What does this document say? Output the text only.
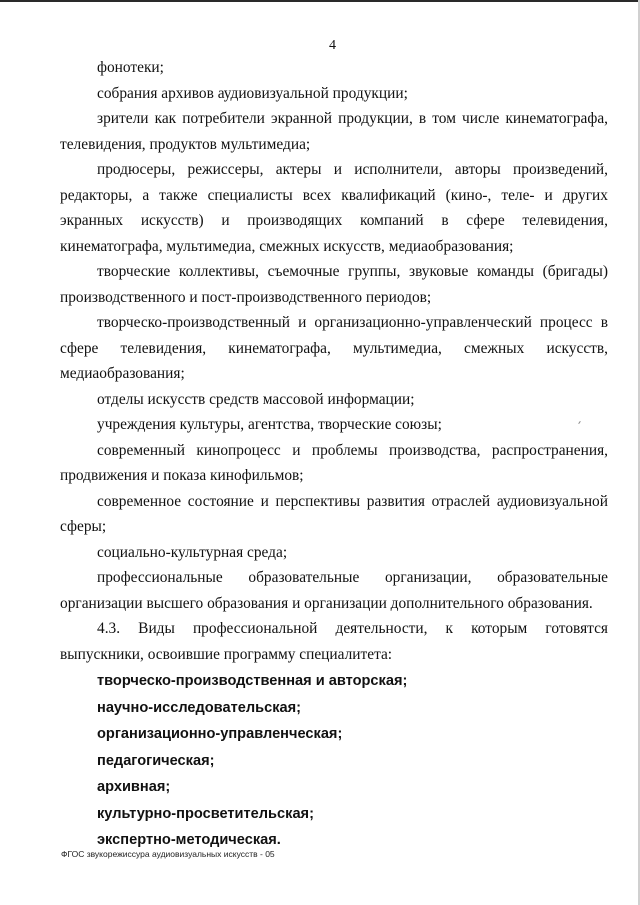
4

фонотеки;

собрания архивов аудиовизуальной продукции;

зрители как потребители экранной продукции, в том числе кинематографа, телевидения, продуктов мультимедиа;

продюсеры, режиссеры, актеры и исполнители, авторы произведений, редакторы, а также специалисты всех квалификаций (кино-, теле- и других экранных искусств) и производящих компаний в сфере телевидения, кинематографа, мультимедиа, смежных искусств, медиаобразования;

творческие коллективы, съемочные группы, звуковые команды (бригады) производственного и пост-производственного периодов;

творческо-производственный и организационно-управленческий процесс в сфере телевидения, кинематографа, мультимедиа, смежных искусств, медиаобразования;

отделы искусств средств массовой информации;

учреждения культуры, агентства, творческие союзы;

современный кинопроцесс и проблемы производства, распространения, продвижения и показа кинофильмов;

современное состояние и перспективы развития отраслей аудиовизуальной сферы;

социально-культурная среда;

профессиональные образовательные организации, образовательные организации высшего образования и организации дополнительного образования.

4.3. Виды профессиональной деятельности, к которым готовятся выпускники, освоившие программу специалитета:

творческо-производственная и авторская;

научно-исследовательская;

организационно-управленческая;

педагогическая;

архивная;

культурно-просветительская;

экспертно-методическая.

ФГОС звукорежиссура аудиовизуальных искусств - 05
